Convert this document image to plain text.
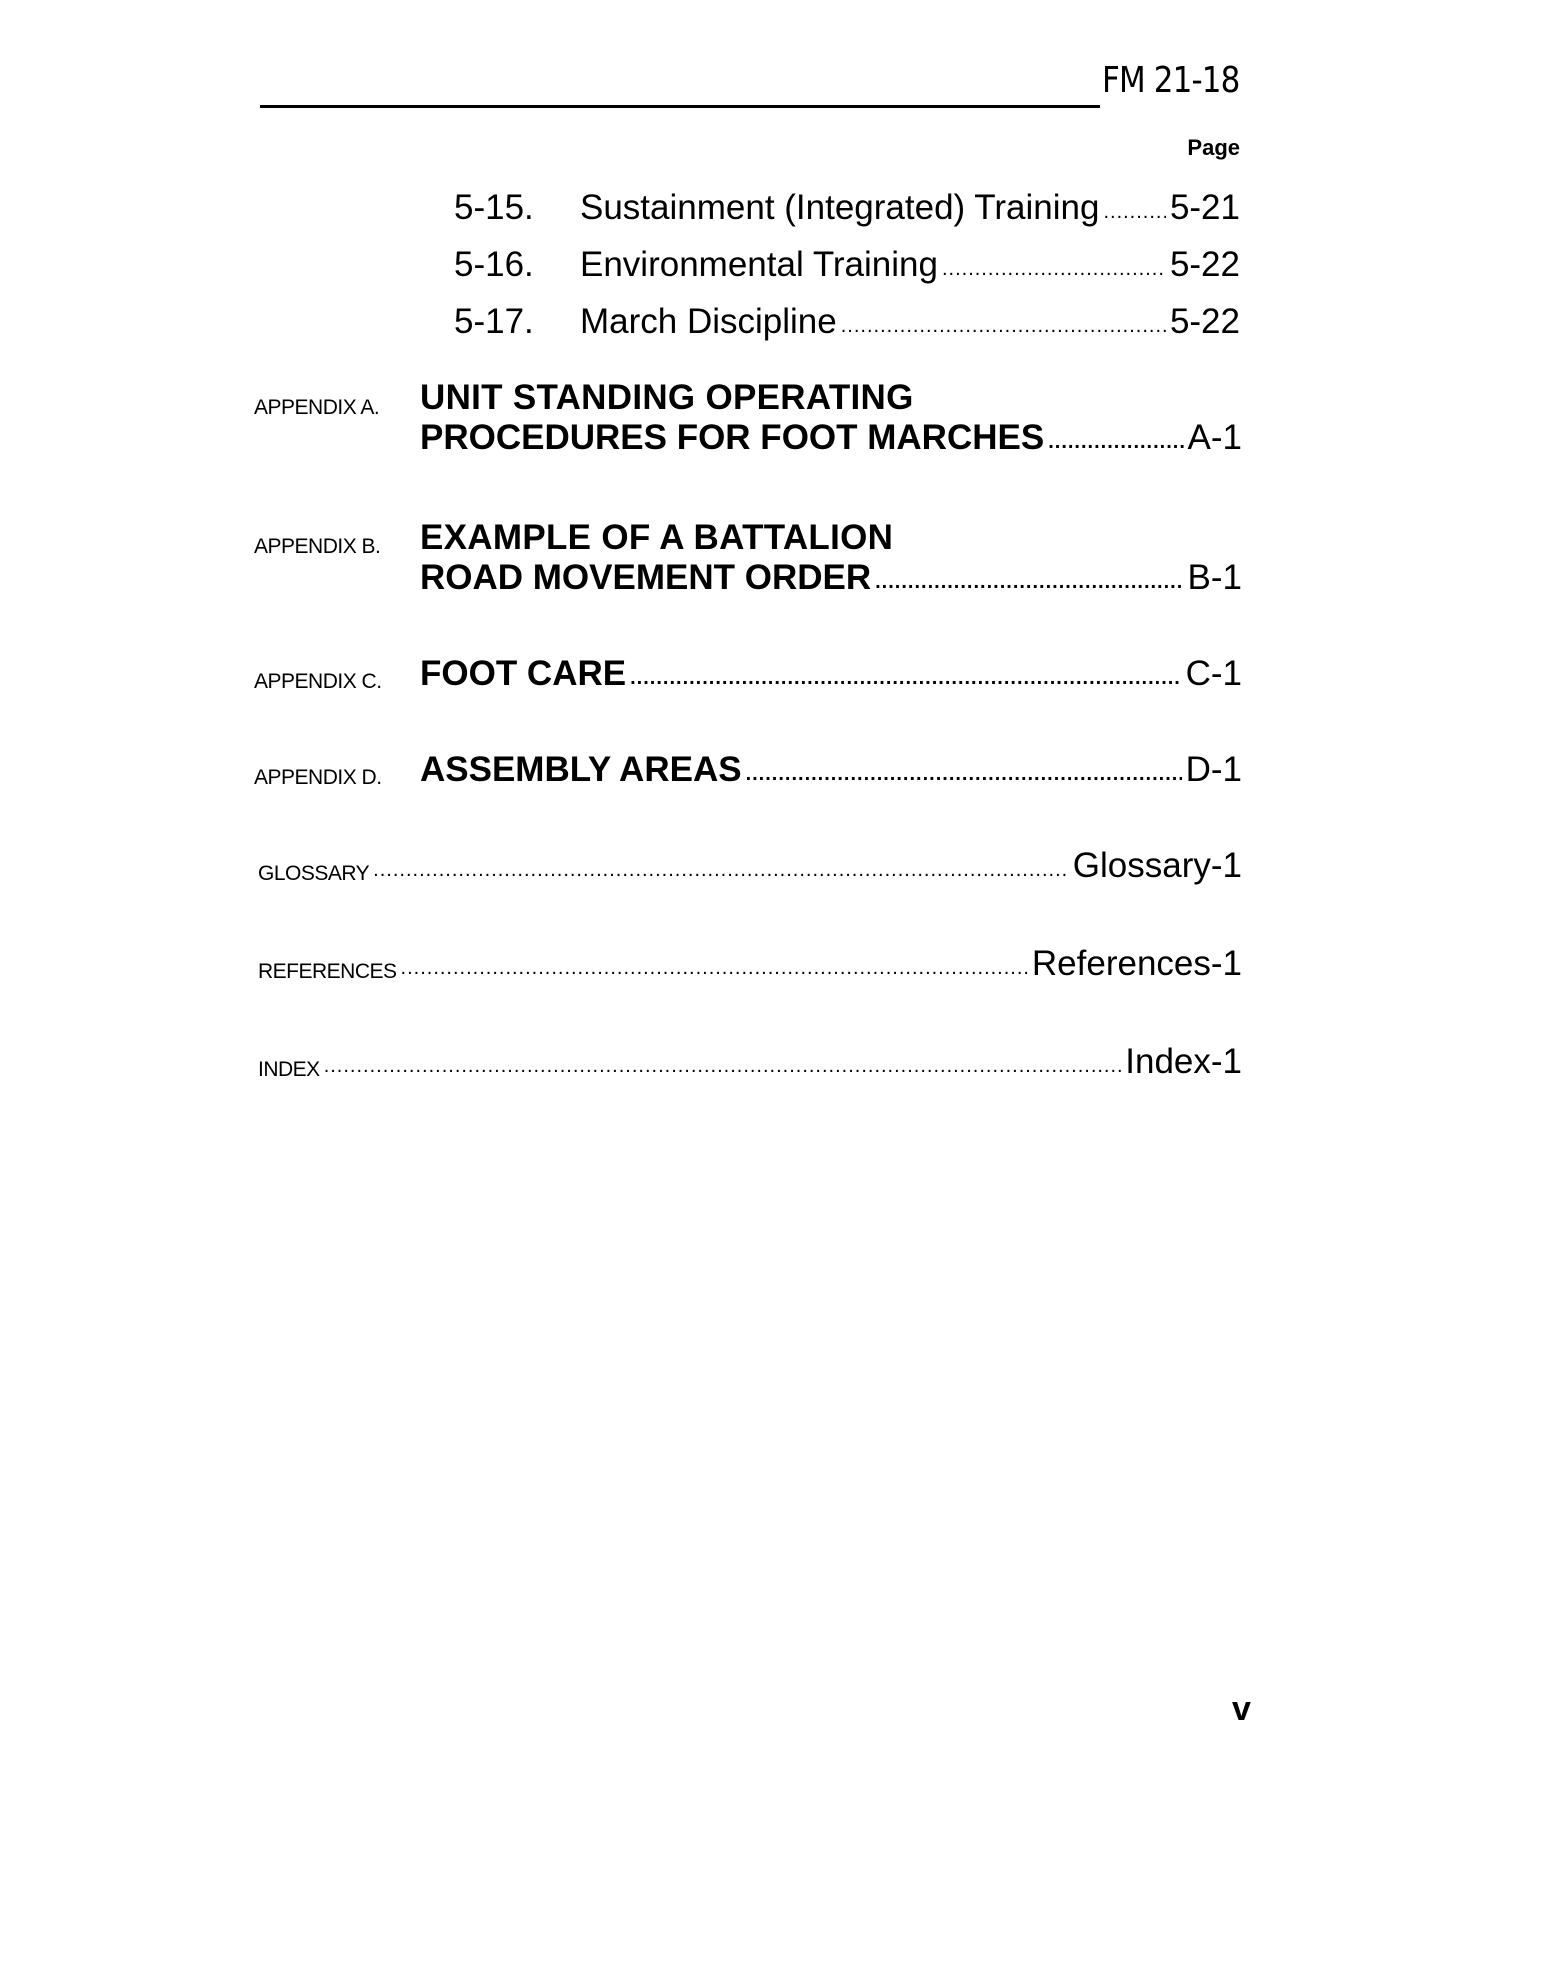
FM 21-18
Page
5-15. Sustainment (Integrated) Training ..... 5-21
5-16. Environmental Training .....	5-22
5-17. March Discipline .....	5-22
APPENDIX A. UNIT STANDING OPERATING
PROCEDURES FOR FOOT MARCHES .....	A-1
APPENDIX B. EXAMPLE OF A BATTALION
ROAD MOVEMENT ORDER .....	B-1
APPENDIX C. FOOT CARE .....	C-1
APPENDIX D. ASSEMBLY AREAS .....	D-1
GLOSSARY .....	Glossary-1
REFERENCES .....	References-1
INDEX .....	Index-1
v
